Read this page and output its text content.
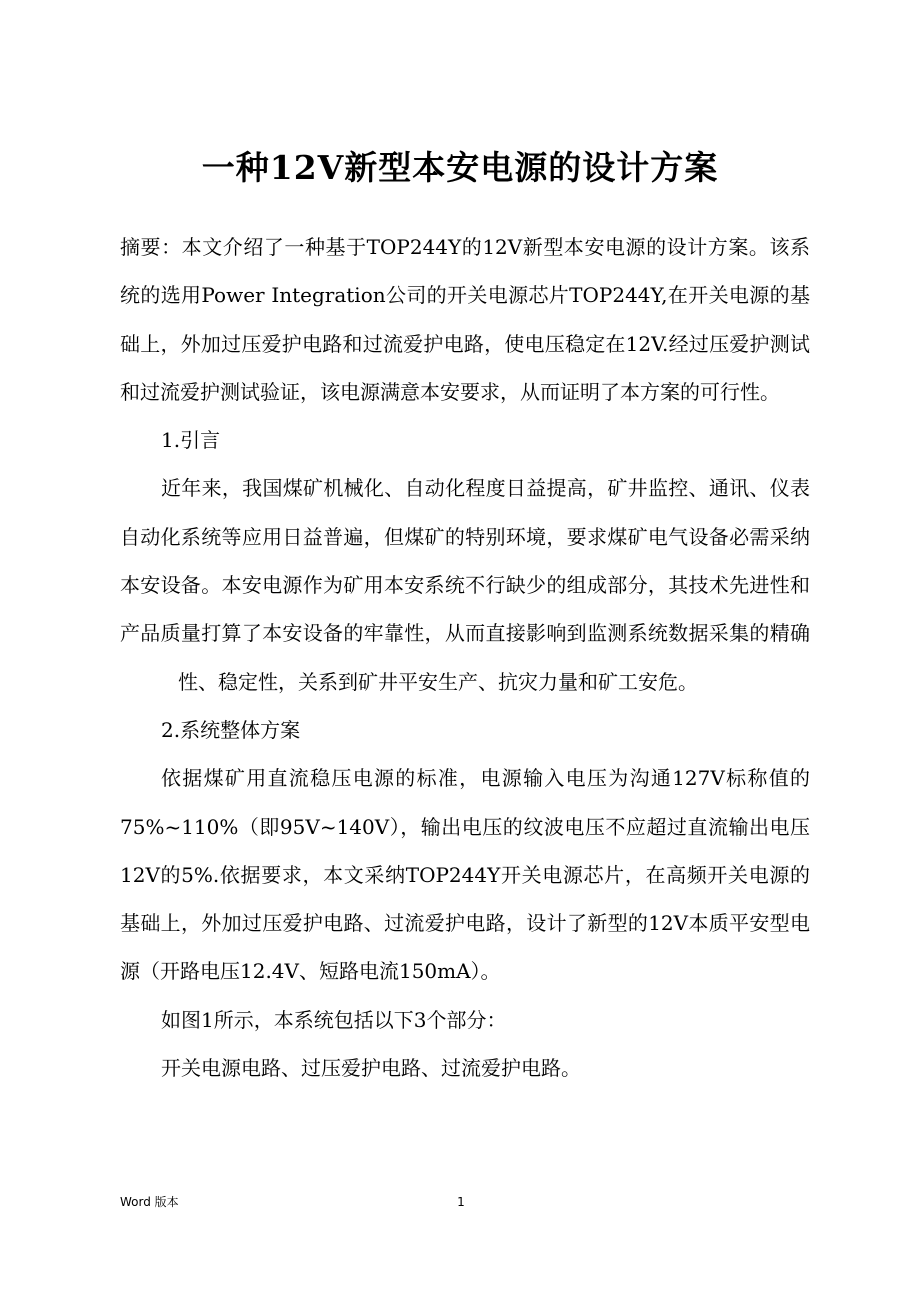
一种12V新型本安电源的设计方案

摘要：本文介绍了一种基于TOP244Y的12V新型本安电源的设计方案。该系统的选用Power Integration公司的开关电源芯片TOP244Y,在开关电源的基础上，外加过压爱护电路和过流爱护电路，使电压稳定在12V.经过压爱护测试和过流爱护测试验证，该电源满意本安要求，从而证明了本方案的可行性。

1.引言

近年来，我国煤矿机械化、自动化程度日益提高，矿井监控、通讯、仪表自动化系统等应用日益普遍，但煤矿的特别环境，要求煤矿电气设备必需采纳本安设备。本安电源作为矿用本安系统不行缺少的组成部分，其技术先进性和产品质量打算了本安设备的牢靠性，从而直接影响到监测系统数据采集的精确性、稳定性，关系到矿井平安生产、抗灾力量和矿工安危。

2.系统整体方案

依据煤矿用直流稳压电源的标准，电源输入电压为沟通127V标称值的75%~110%（即95V~140V），输出电压的纹波电压不应超过直流输出电压12V的5%.依据要求，本文采纳TOP244Y开关电源芯片，在高频开关电源的基础上，外加过压爱护电路、过流爱护电路，设计了新型的12V本质平安型电源（开路电压12.4V、短路电流150mA）。

如图1所示，本系统包括以下3个部分：

开关电源电路、过压爱护电路、过流爱护电路。

Word 版本	1
